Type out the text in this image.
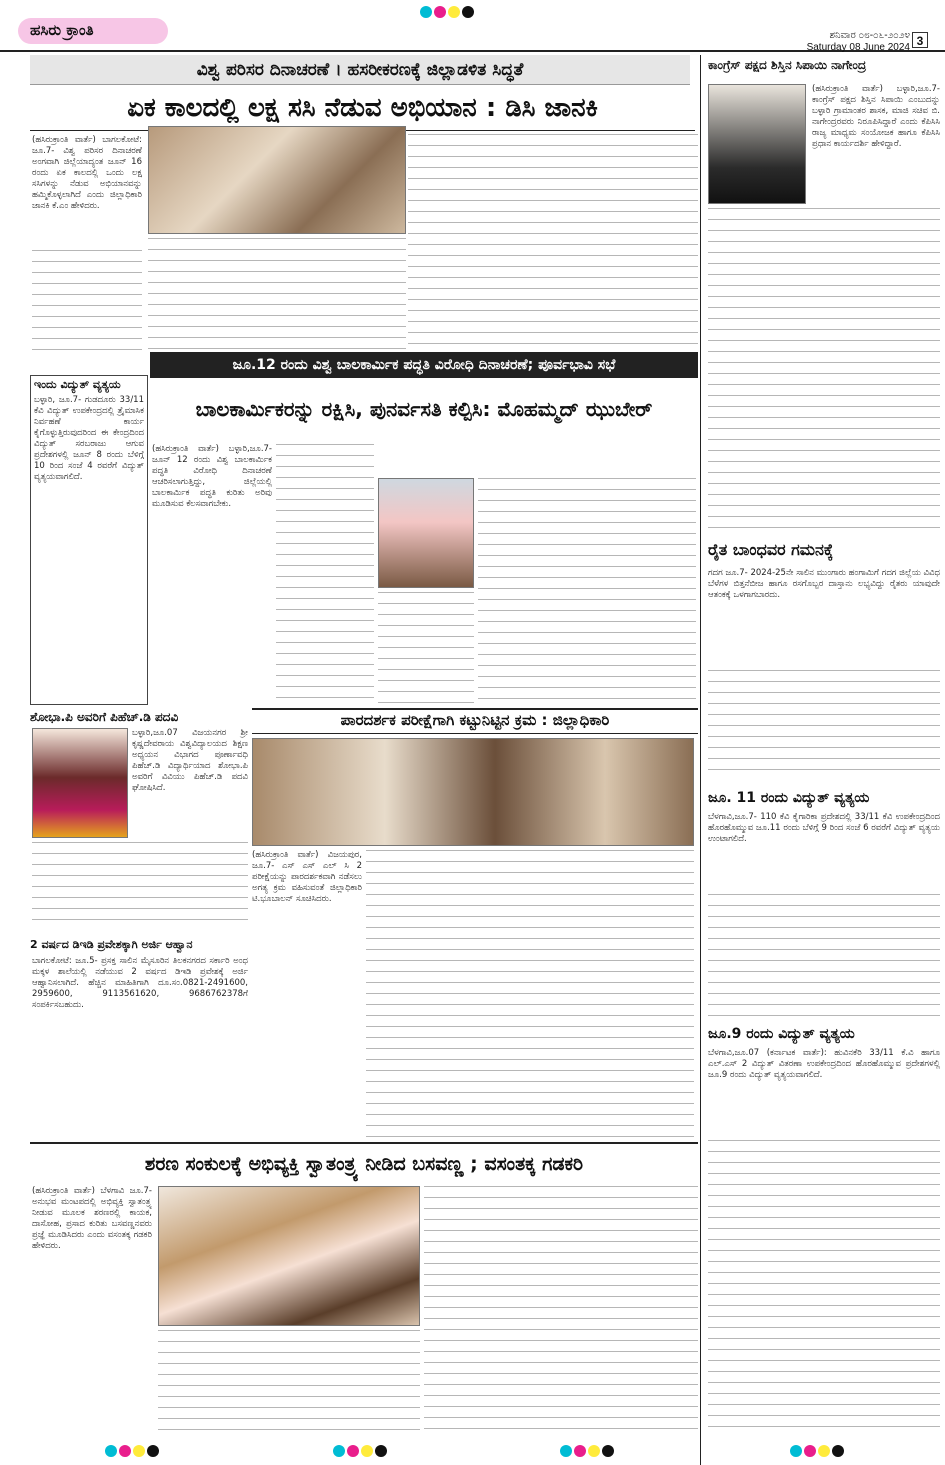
ಹಸಿರು ಕ್ರಾಂತಿ	ಶನಿವಾರ ೦೮-೦೬-೨೦೨೪
Saturday 08 June 2024 3
ವಿಶ್ವ ಪರಿಸರ ದಿನಾಚರಣೆ । ಹಸರೀಕರಣಕ್ಕೆ ಜಿಲ್ಲಾಡಳಿತ ಸಿದ್ಧತೆ
ಏಕ ಕಾಲದಲ್ಲಿ ಲಕ್ಷ ಸಸಿ ನೆಡುವ ಅಭಿಯಾನ : ಡಿಸಿ ಜಾನಕಿ
(ಹಸಿರುಕ್ರಾಂತಿ ವಾರ್ತೆ) ಬಾಗಲಕೋಟೆ: ಜೂ.7- ವಿಶ್ವ ಪರಿಸರ ದಿನಾಚರಣೆ ಅಂಗವಾಗಿ ಜಿಲ್ಲೆಯಾದ್ಯಂತ ಜೂನ್ 16 ರಂದು ಏಕ ಕಾಲದಲ್ಲಿ ಒಂದು ಲಕ್ಷ ಸಸಿಗಳನ್ನು ನೆಡುವ ಅಭಿಯಾನವನ್ನು ಹಮ್ಮಿಕೊಳ್ಳಲಾಗಿದೆ ಎಂದು ಜಿಲ್ಲಾಧಿಕಾರಿ ಜಾನಕಿ ಕೆ.ಎಂ ಹೇಳಿದರು.
ಕಾಂಗ್ರೆಸ್ ಪಕ್ಷದ ಶಿಸ್ತಿನ ಸಿಪಾಯಿ ನಾಗೇಂದ್ರ
(ಹಸಿರುಕ್ರಾಂತಿ ವಾರ್ತೆ) ಬಳ್ಳಾರಿ,ಜೂ.7- ಕಾಂಗ್ರೆಸ್ ಪಕ್ಷದ ಶಿಸ್ತಿನ ಸಿಪಾಯಿ ಎಂಬುದನ್ನು ಬಳ್ಳಾರಿ ಗ್ರಾಮಾಂತರ ಶಾಸಕ, ಮಾಜಿ ಸಚಿವ ಬಿ. ನಾಗೇಂದ್ರರವರು ನಿರೂಪಿಸಿದ್ದಾರೆ ಎಂದು ಕೆಪಿಸಿಸಿ ರಾಜ್ಯ ಮಾಧ್ಯಮ ಸಂಯೋಜಕ ಹಾಗೂ ಕೆಪಿಸಿಸಿ ಪ್ರಧಾನ ಕಾರ್ಯದರ್ಶಿ ಹೇಳಿದ್ದಾರೆ.
ಇಂದು ವಿದ್ಯುತ್ ವ್ಯತ್ಯಯ
ಬಳ್ಳಾರಿ, ಜೂ.7- ಗುಡದೂರು 33/11 ಕೆವಿ ವಿದ್ಯುತ್ ಉಪಕೇಂದ್ರದಲ್ಲಿ ತ್ರೈಮಾಸಿಕ ನಿರ್ವಹಣೆ ಕಾರ್ಯ ಕೈಗೊಳ್ಳುತ್ತಿರುವುದರಿಂದ ಈ ಕೇಂದ್ರದಿಂದ ವಿದ್ಯುತ್ ಸರಬರಾಜು ಆಗುವ ಪ್ರದೇಶಗಳಲ್ಲಿ ಜೂನ್ 8 ರಂದು ಬೆಳಿಗ್ಗೆ 10 ರಿಂದ ಸಂಜೆ 4 ರವರೆಗೆ ವಿದ್ಯುತ್ ವ್ಯತ್ಯಯವಾಗಲಿದೆ.
ಜೂ.12 ರಂದು ವಿಶ್ವ ಬಾಲಕಾರ್ಮಿಕ ಪದ್ಧತಿ ವಿರೋಧಿ ದಿನಾಚರಣೆ; ಪೂರ್ವಭಾವಿ ಸಭೆ
ಬಾಲಕಾರ್ಮಿಕರನ್ನು ರಕ್ಷಿಸಿ, ಪುನರ್ವಸತಿ ಕಲ್ಪಿಸಿ: ಮೊಹಮ್ಮದ್ ಝುಬೇರ್
(ಹಸಿರುಕ್ರಾಂತಿ ವಾರ್ತೆ) ಬಳ್ಳಾರಿ,ಜೂ.7- ಜೂನ್ 12 ರಂದು ವಿಶ್ವ ಬಾಲಕಾರ್ಮಿಕ ಪದ್ಧತಿ ವಿರೋಧಿ ದಿನಾಚರಣೆ ಆಚರಿಸಲಾಗುತ್ತಿದ್ದು, ಜಿಲ್ಲೆಯಲ್ಲಿ ಬಾಲಕಾರ್ಮಿಕ ಪದ್ಧತಿ ಕುರಿತು ಅರಿವು ಮೂಡಿಸುವ ಕೆಲಸವಾಗಬೇಕು.
ರೈತ ಬಾಂಧವರ ಗಮನಕ್ಕೆ
ಗದಗ ಜೂ.7- 2024-25ನೇ ಸಾಲಿನ ಮುಂಗಾರು ಹಂಗಾಮಿಗೆ ಗದಗ ಜಿಲ್ಲೆಯ ವಿವಿಧ ಬೆಳೆಗಳ ಬಿತ್ತನೆಬೀಜ ಹಾಗೂ ರಸಗೊಬ್ಬರ ದಾಸ್ತಾನು ಲಭ್ಯವಿದ್ದು ರೈತರು ಯಾವುದೇ ಆತಂಕಕ್ಕೆ ಒಳಗಾಗಬಾರದು.
ಜೂ. 11 ರಂದು ವಿದ್ಯುತ್ ವ್ಯತ್ಯಯ
ಬೆಳಗಾವಿ,ಜೂ.7- 110 ಕೆವಿ ಕೈಗಾರಿಕಾ ಪ್ರದೇಶದಲ್ಲಿ 33/11 ಕೆವಿ ಉಪಕೇಂದ್ರದಿಂದ ಹೊರಹೊಮ್ಮುವ ಜೂ.11 ರಂದು ಬೆಳಿಗ್ಗೆ 9 ರಿಂದ ಸಂಜೆ 6 ರವರೆಗೆ ವಿದ್ಯುತ್ ವ್ಯತ್ಯಯ ಉಂಟಾಗಲಿದೆ.
ಜೂ.9 ರಂದು ವಿದ್ಯುತ್ ವ್ಯತ್ಯಯ
ಬೆಳಗಾವಿ,ಜೂ.07 (ಕರ್ನಾಟಕ ವಾರ್ತೆ): ಹುವಿನಕೆರಿ 33/11 ಕೆ.ವಿ ಹಾಗೂ ಎಲ್.ಎಸ್ 2 ವಿದ್ಯುತ್ ವಿತರಣಾ ಉಪಕೇಂದ್ರದಿಂದ ಹೊರಹೊಮ್ಮುವ ಪ್ರದೇಶಗಳಲ್ಲಿ ಜೂ.9 ರಂದು ವಿದ್ಯುತ್ ವ್ಯತ್ಯಯವಾಗಲಿದೆ.
ಶೋಭಾ.ಪಿ ಅವರಿಗೆ ಪಿಹೆಚ್.ಡಿ ಪದವಿ
ಬಳ್ಳಾರಿ,ಜೂ.07 ವಿಜಯನಗರ ಶ್ರೀ ಕೃಷ್ಣದೇವರಾಯ ವಿಶ್ವವಿದ್ಯಾಲಯದ ಶಿಕ್ಷಣ ಅಧ್ಯಯನ ವಿಭಾಗದ ಪೂರ್ಣಾವಧಿ ಪಿಹೆಚ್.ಡಿ ವಿದ್ಯಾರ್ಥಿಯಾದ ಶೋಭಾ.ಪಿ ಅವರಿಗೆ ವಿವಿಯು ಪಿಹೆಚ್.ಡಿ ಪದವಿ ಘೋಷಿಸಿದೆ.
2 ವರ್ಷದ ಡಿಇಡಿ ಪ್ರವೇಶಕ್ಕಾಗಿ ಅರ್ಜಿ ಆಹ್ವಾನ
ಬಾಗಲಕೋಟೆ: ಜೂ.5- ಪ್ರಸಕ್ತ ಸಾಲಿನ ಮೈಸೂರಿನ ತಿಲಕನಗರದ ಸರ್ಕಾರಿ ಅಂಧ ಮಕ್ಕಳ ಶಾಲೆಯಲ್ಲಿ ನಡೆಯುವ 2 ವರ್ಷದ ಡಿಇಡಿ ಪ್ರವೇಶಕ್ಕೆ ಅರ್ಜಿ ಆಹ್ವಾನಿಸಲಾಗಿದೆ. ಹೆಚ್ಚಿನ ಮಾಹಿತಿಗಾಗಿ ದೂ.ಸಂ.0821-2491600, 2959600, 9113561620, 9686762378ಗೆ ಸಂಪರ್ಕಿಸಬಹುದು.
ಪಾರದರ್ಶಕ ಪರೀಕ್ಷೆಗಾಗಿ ಕಟ್ಟುನಿಟ್ಟಿನ ಕ್ರಮ : ಜಿಲ್ಲಾಧಿಕಾರಿ
(ಹಸಿರುಕ್ರಾಂತಿ ವಾರ್ತೆ) ವಿಜಯಪುರ, ಜೂ.7- ಎಸ್ ಎಸ್ ಎಲ್ ಸಿ 2 ಪರೀಕ್ಷೆಯನ್ನು ಪಾರದರ್ಶಕವಾಗಿ ನಡೆಸಲು ಅಗತ್ಯ ಕ್ರಮ ವಹಿಸುವಂತೆ ಜಿಲ್ಲಾಧಿಕಾರಿ ಟಿ.ಭೂಬಾಲನ್ ಸೂಚಿಸಿದರು.
ಶರಣ ಸಂಕುಲಕ್ಕೆ ಅಭಿವ್ಯಕ್ತಿ ಸ್ವಾತಂತ್ರ್ಯ ನೀಡಿದ ಬಸವಣ್ಣ ; ವಸಂತಕ್ಕ ಗಡಕರಿ
(ಹಸಿರುಕ್ರಾಂತಿ ವಾರ್ತೆ) ಬೆಳಗಾವಿ ಜೂ.7- ಅನುಭವ ಮಂಟಪದಲ್ಲಿ ಅಭಿವ್ಯಕ್ತಿ ಸ್ವಾತಂತ್ರ್ಯ ನೀಡುವ ಮೂಲಕ ಶರಣರಲ್ಲಿ ಕಾಯಕ, ದಾಸೋಹ, ಪ್ರಸಾದ ಕುರಿತು ಬಸವಣ್ಣನವರು ಪ್ರಜ್ಞೆ ಮೂಡಿಸಿದರು ಎಂದು ವಸಂತಕ್ಕ ಗಡಕರಿ ಹೇಳಿದರು.
